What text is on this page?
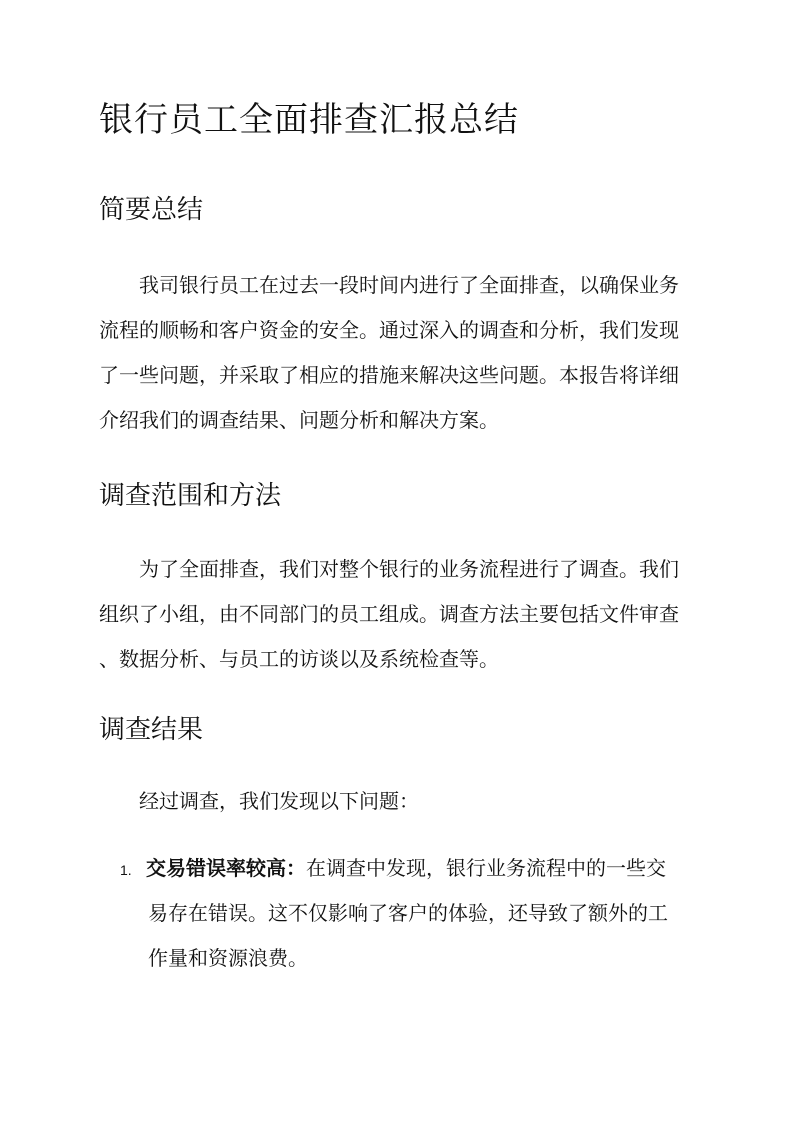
银行员工全面排查汇报总结
简要总结
我司银行员工在过去一段时间内进行了全面排查，以确保业务
流程的顺畅和客户资金的安全。通过深入的调查和分析，我们发现
了一些问题，并采取了相应的措施来解决这些问题。本报告将详细
介绍我们的调查结果、问题分析和解决方案。
调查范围和方法
为了全面排查，我们对整个银行的业务流程进行了调查。我们
组织了小组，由不同部门的员工组成。调查方法主要包括文件审查
、数据分析、与员工的访谈以及系统检查等。
调查结果
经过调查，我们发现以下问题：
1. 交易错误率较高：在调查中发现，银行业务流程中的一些交
易存在错误。这不仅影响了客户的体验，还导致了额外的工
作量和资源浪费。
